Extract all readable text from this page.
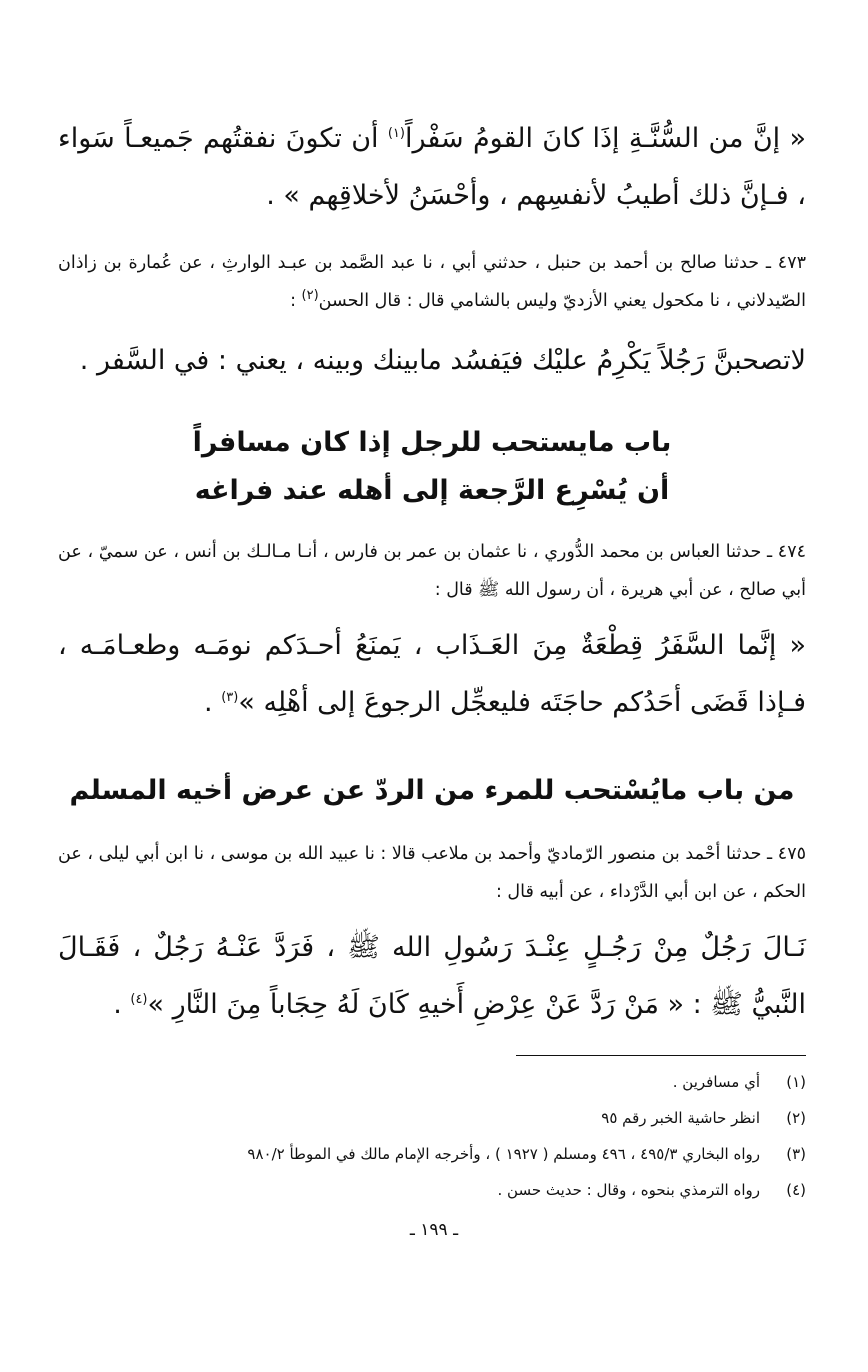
« إنَّ من السُّنَّـةِ إذَا كانَ القومُ سَفْراً$^{(١)}$ أن تكونَ نفقتُهم جَميعـاً سَواء ، فـإنَّ ذلك أطيبُ لأنفسِهم ، وأحْسَنُ لأخلاقِهم » .

٤٧٣ ـ حدثنا صالح بن أحمد بن حنبل ، حدثني أبي ، نا عبد الصَّمد بن عبـد الوارثِ ، عن عُمارة بن زاذان الصّيدلاني ، نا مكحول يعني الأزديّ وليس بالشامي قال : قال الحسن$^{(٢)}$ :

لاتصحبنَّ رَجُلاً يَكْرِمُ عليْك فيَفسُد مابينك وبينه ، يعني : في السَّفر .

باب مايستحب للرجل إذا كان مسافراً

أن يُسْرِع الرَّجعة إلى أهله عند فراغه

٤٧٤ ـ حدثنا العباس بن محمد الدُّوري ، نا عثمان بن عمر بن فارس ، أنـا مـالـك بن أنس ، عن سميّ ، عن أبي صالح ، عن أبي هريرة ، أن رسول الله ﷺ قال :

« إنَّما السَّفَرُ قِطْعَةٌ مِنَ العَـذَاب ، يَمنَعُ أحـدَكم نومَـه وطعـامَـه ، فـإذا قَضَى أحَدُكم حاجَتَه فليعجِّل الرجوعَ إلى أهْلِه »$^{(٣)}$ .

من باب مايُسْتحب للمرء من الردّ عن عرض أخيه المسلم

٤٧٥ ـ حدثنا أحْمد بن منصور الرّماديّ وأحمد بن ملاعب قالا : نا عبيد الله بن موسى ، نا ابن أبي ليلى ، عن الحكم ، عن ابن أبي الدَّرْداء ، عن أبيه قال :

نَـالَ رَجُلٌ مِنْ رَجُـلٍ عِنْـدَ رَسُولِ الله ﷺ ، فَرَدَّ عَنْـهُ رَجُلٌ ، فَقَـالَ النَّبيُّ ﷺ : « مَنْ رَدَّ عَنْ عِرْضِ أَخيهِ كَانَ لَهُ حِجَاباً مِنَ النَّارِ »$^{(٤)}$ .

(١)
أي مسافرين .
(٢)
انظر حاشية الخبر رقم ٩٥
(٣)
رواه البخاري ٤٩٥/٣ ، ٤٩٦ ومسلم ( ١٩٢٧ ) ، وأخرجه الإمام مالك في الموطأ ٩٨٠/٢
(٤)
رواه الترمذي بنحوه ، وقال : حديث حسن .
ـ ١٩٩ ـ
